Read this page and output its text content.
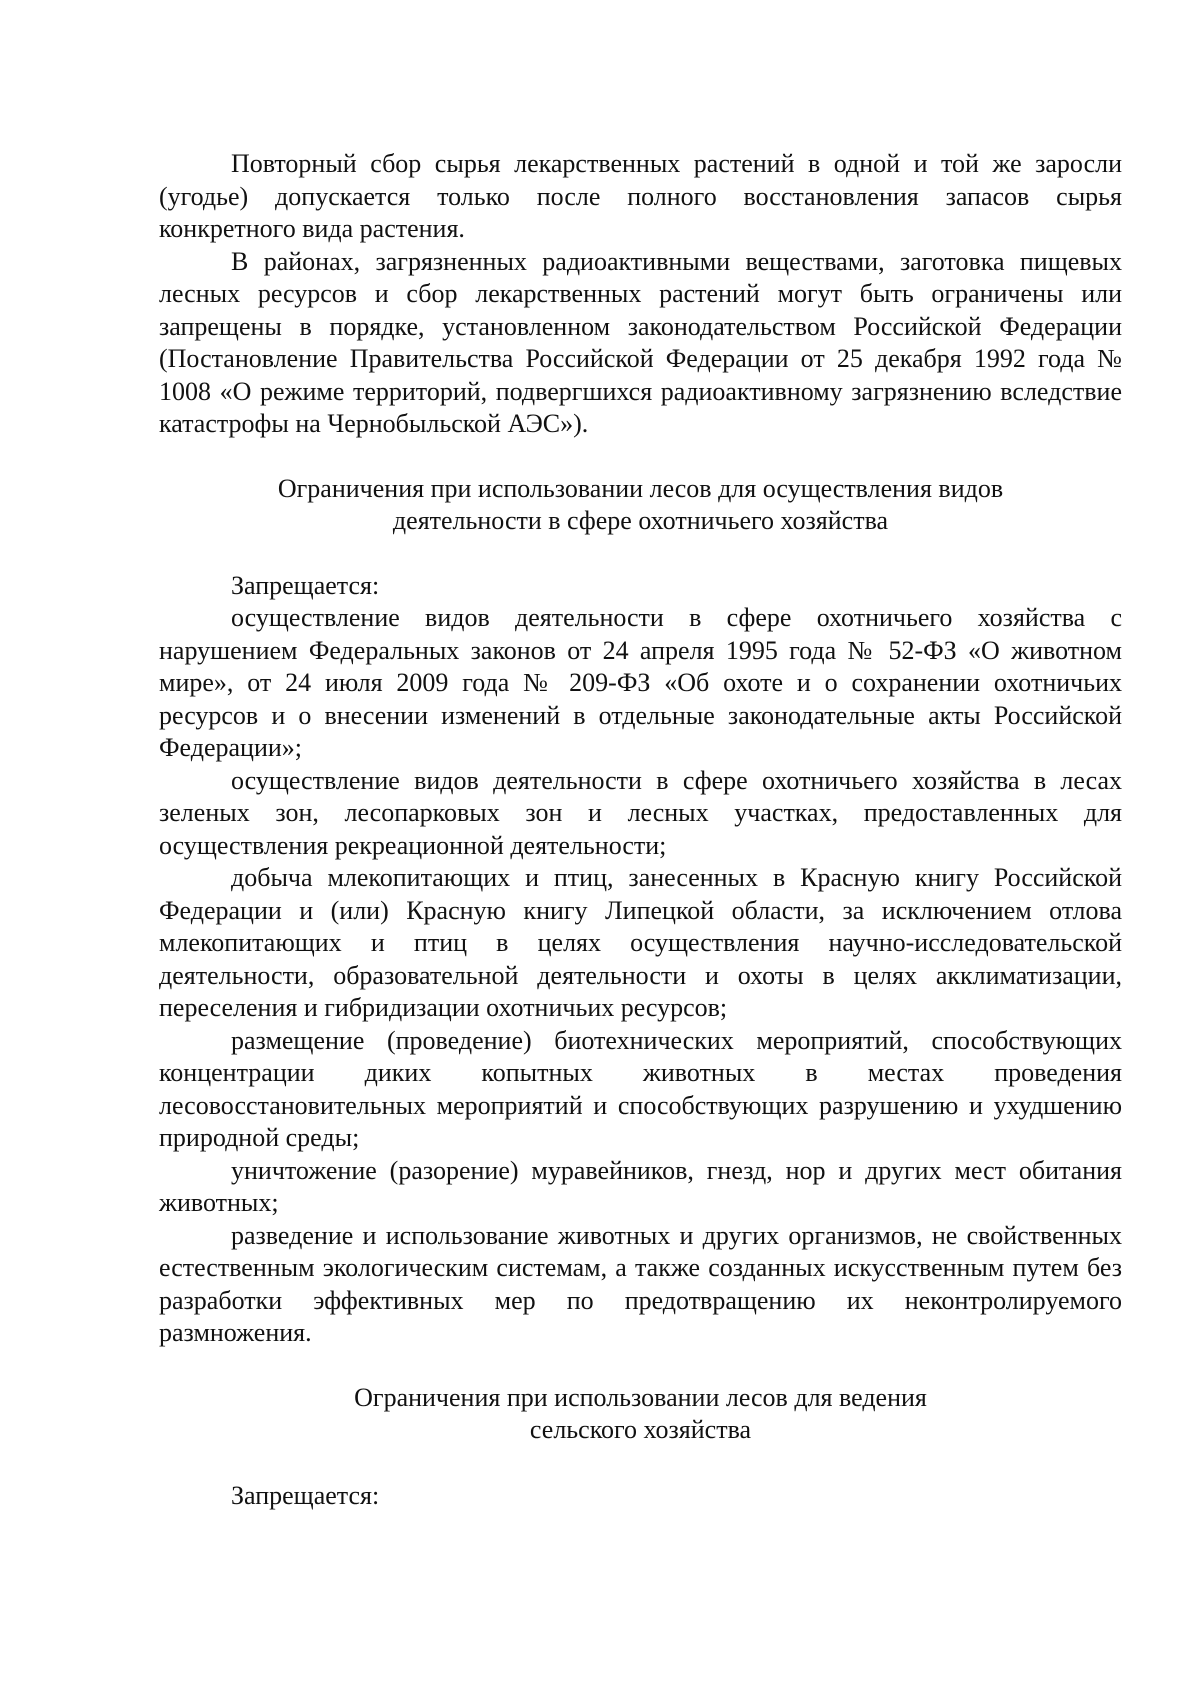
Повторный сбор сырья лекарственных растений в одной и той же заросли (угодье) допускается только после полного восстановления запасов сырья конкретного вида растения.

В районах, загрязненных радиоактивными веществами, заготовка пищевых лесных ресурсов и сбор лекарственных растений могут быть ограничены или запрещены в порядке, установленном законодательством Российской Федерации (Постановление Правительства Российской Федерации от 25 декабря 1992 года № 1008 «О режиме территорий, подвергшихся радиоактивному загрязнению вследствие катастрофы на Чернобыльской АЭС»).

Ограничения при использовании лесов для осуществления видов
деятельности в сфере охотничьего хозяйства

Запрещается:

осуществление видов деятельности в сфере охотничьего хозяйства с нарушением Федеральных законов от 24 апреля 1995 года № 52-ФЗ «О животном мире», от 24 июля 2009 года № 209-ФЗ «Об охоте и о сохранении охотничьих ресурсов и о внесении изменений в отдельные законодательные акты Российской Федерации»;

осуществление видов деятельности в сфере охотничьего хозяйства в лесах зеленых зон, лесопарковых зон и лесных участках, предоставленных для осуществления рекреационной деятельности;

добыча млекопитающих и птиц, занесенных в Красную книгу Российской Федерации и (или) Красную книгу Липецкой области, за исключением отлова млекопитающих и птиц в целях осуществления научно-исследовательской деятельности, образовательной деятельности и охоты в целях акклиматизации, переселения и гибридизации охотничьих ресурсов;

размещение (проведение) биотехнических мероприятий, способствующих концентрации диких копытных животных в местах проведения лесовосстановительных мероприятий и способствующих разрушению и ухудшению природной среды;

уничтожение (разорение) муравейников, гнезд, нор и других мест обитания животных;

разведение и использование животных и других организмов, не свойственных естественным экологическим системам, а также созданных искусственным путем без разработки эффективных мер по предотвращению их неконтролируемого размножения.

Ограничения при использовании лесов для ведения
сельского хозяйства

Запрещается:
